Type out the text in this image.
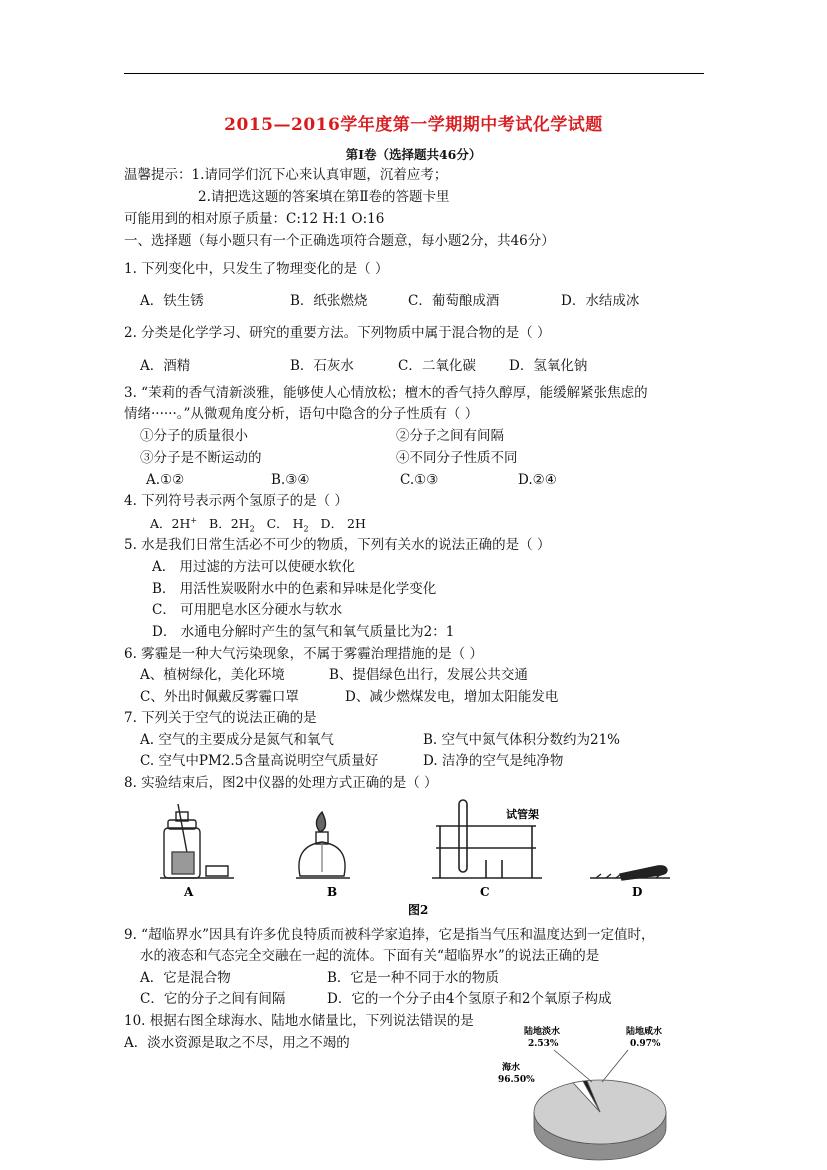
2015—2016学年度第一学期期中考试化学试题
第Ⅰ卷（选择题共46分）
温馨提示：1.请同学们沉下心来认真审题，沉着应考；
2.请把选这题的答案填在第Ⅱ卷的答题卡里
可能用到的相对原子质量：C:12 H:1 O:16
一、选择题（每小题只有一个正确选项符合题意，每小题2分，共46分）
1. 下列变化中，只发生了物理变化的是（ ）
A．铁生锈	B．纸张燃烧	C．葡萄酿成酒	D．水结成冰
2. 分类是化学学习、研究的重要方法。下列物质中属于混合物的是（ ）
A．酒精	B．石灰水	C．二氧化碳 D．氢氧化钠
3. “茉莉的香气清新淡雅，能够使人心情放松；檀木的香气持久醇厚，能缓解紧张焦虑的
情绪······。”从微观角度分析，语句中隐含的分子性质有（ ）
①分子的质量很小	②分子之间有间隔
③分子是不断运动的	④不同分子性质不同
A.①②	B.③④	C.①③	D.②④
4. 下列符号表示两个氢原子的是（ ）
A．2H+ B．$2H_2$ C． $H_2$ D． 2H
5. 水是我们日常生活必不可少的物质，下列有关水的说法正确的是（ ）
A． 用过滤的方法可以使硬水软化
B． 用活性炭吸附水中的色素和异味是化学变化
C． 可用肥皂水区分硬水与软水
D． 水通电分解时产生的氢气和氧气质量比为2：1
6. 雾霾是一种大气污染现象，不属于雾霾治理措施的是（ ）
A、植树绿化，美化环境	B、提倡绿色出行，发展公共交通
C、外出时佩戴反雾霾口罩	D、减少燃煤发电，增加太阳能发电
7. 下列关于空气的说法正确的是
A. 空气的主要成分是氮气和氧气	B. 空气中氮气体积分数约为21%
C. 空气中PM2.5含量高说明空气质量好	D. 洁净的空气是纯净物
8. 实验结束后，图2中仪器的处理方式正确的是（ ）
A	B
试管架
C	D
图2
9. “超临界水”因具有许多优良特质而被科学家追捧，它是指当气压和温度达到一定值时，
水的液态和气态完全交融在一起的流体。下面有关“超临界水”的说法正确的是
A．它是混合物	B．它是一种不同于水的物质
C．它的分子之间有间隔	D．它的一个分子由4个氢原子和2个氧原子构成
10. 根据右图全球海水、陆地水储量比，下列说法错误的是
A．淡水资源是取之不尽，用之不竭的
海水
96.50%
陆地淡水
2.53%
陆地咸水
0.97%
